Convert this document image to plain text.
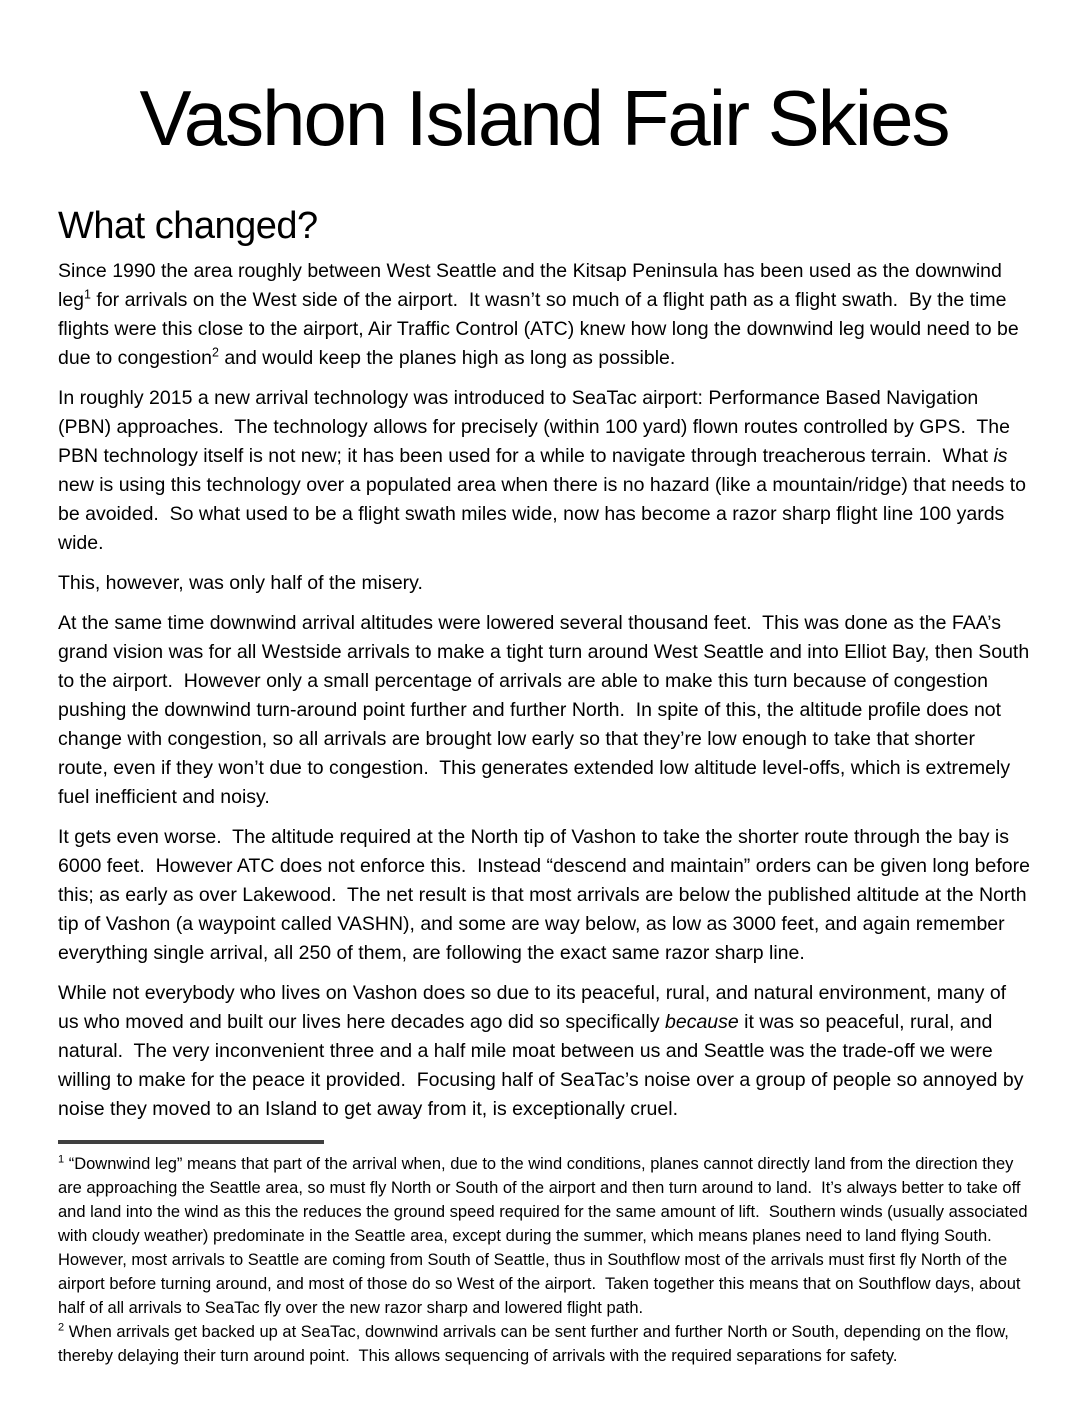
Vashon Island Fair Skies
What changed?

Since 1990 the area roughly between West Seattle and the Kitsap Peninsula has been used as the downwind leg$^1$ for arrivals on the West side of the airport.  It wasn’t so much of a flight path as a flight swath.  By the time flights were this close to the airport, Air Traffic Control (ATC) knew how long the downwind leg would need to be due to congestion$^2$ and would keep the planes high as long as possible.

In roughly 2015 a new arrival technology was introduced to SeaTac airport: Performance Based Navigation (PBN) approaches.  The technology allows for precisely (within 100 yard) flown routes controlled by GPS.  The PBN technology itself is not new; it has been used for a while to navigate through treacherous terrain.  What is new is using this technology over a populated area when there is no hazard (like a mountain/ridge) that needs to be avoided.  So what used to be a flight swath miles wide, now has become a razor sharp flight line 100 yards wide.

This, however, was only half of the misery.

At the same time downwind arrival altitudes were lowered several thousand feet.  This was done as the FAA’s grand vision was for all Westside arrivals to make a tight turn around West Seattle and into Elliot Bay, then South to the airport.  However only a small percentage of arrivals are able to make this turn because of congestion pushing the downwind turn-around point further and further North.  In spite of this, the altitude profile does not change with congestion, so all arrivals are brought low early so that they’re low enough to take that shorter route, even if they won’t due to congestion.  This generates extended low altitude level-offs, which is extremely fuel inefficient and noisy.

It gets even worse.  The altitude required at the North tip of Vashon to take the shorter route through the bay is 6000 feet.  However ATC does not enforce this.  Instead “descend and maintain” orders can be given long before this; as early as over Lakewood.  The net result is that most arrivals are below the published altitude at the North tip of Vashon (a waypoint called VASHN), and some are way below, as low as 3000 feet, and again remember everything single arrival, all 250 of them, are following the exact same razor sharp line.

While not everybody who lives on Vashon does so due to its peaceful, rural, and natural environment, many of us who moved and built our lives here decades ago did so specifically because it was so peaceful, rural, and natural.  The very inconvenient three and a half mile moat between us and Seattle was the trade-off we were willing to make for the peace it provided.  Focusing half of SeaTac’s noise over a group of people so annoyed by noise they moved to an Island to get away from it, is exceptionally cruel.

$^1$ “Downwind leg” means that part of the arrival when, due to the wind conditions, planes cannot directly land from the direction they are approaching the Seattle area, so must fly North or South of the airport and then turn around to land.  It’s always better to take off and land into the wind as this the reduces the ground speed required for the same amount of lift.  Southern winds (usually associated with cloudy weather) predominate in the Seattle area, except during the summer, which means planes need to land flying South.  However, most arrivals to Seattle are coming from South of Seattle, thus in Southflow most of the arrivals must first fly North of the airport before turning around, and most of those do so West of the airport.  Taken together this means that on Southflow days, about half of all arrivals to SeaTac fly over the new razor sharp and lowered flight path.

$^2$ When arrivals get backed up at SeaTac, downwind arrivals can be sent further and further North or South, depending on the flow, thereby delaying their turn around point.  This allows sequencing of arrivals with the required separations for safety.
